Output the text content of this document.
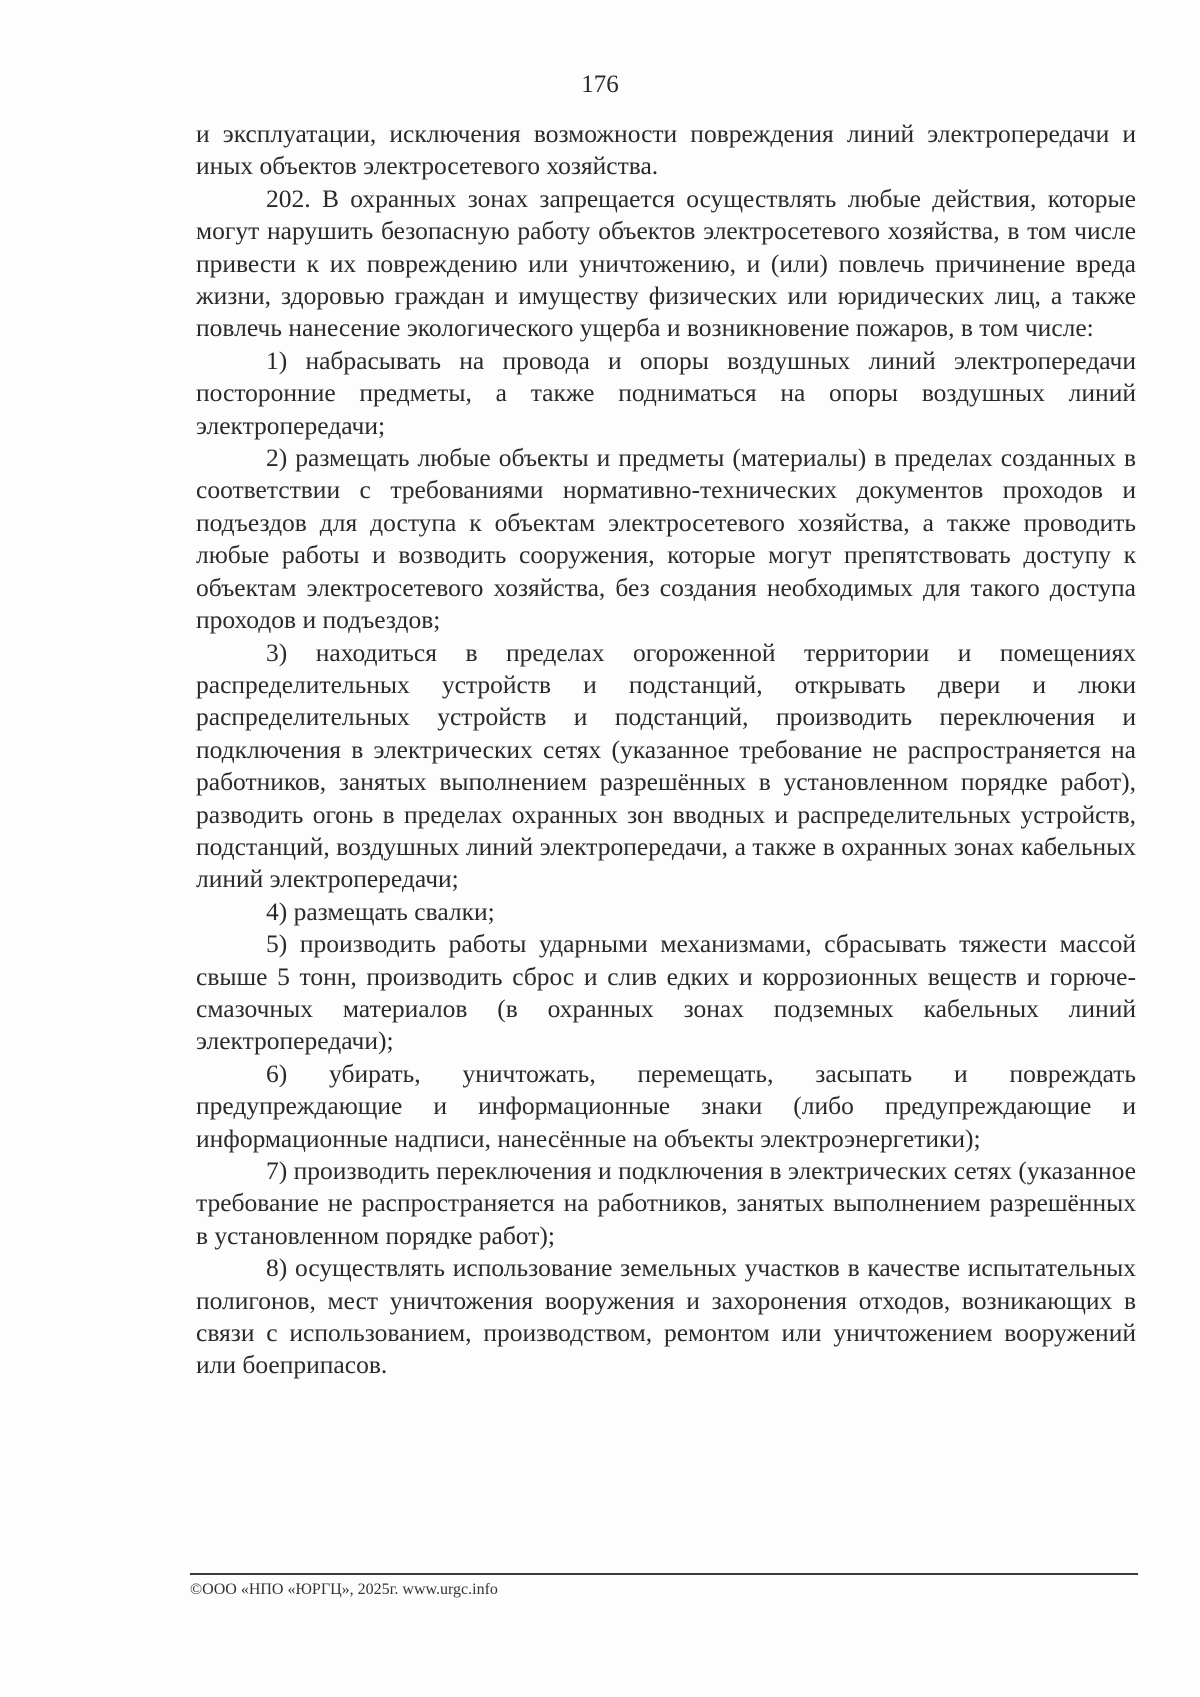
176

и эксплуатации, исключения возможности повреждения линий электропередачи и иных объектов электросетевого хозяйства.

202. В охранных зонах запрещается осуществлять любые действия, которые могут нарушить безопасную работу объектов электросетевого хозяйства, в том числе привести к их повреждению или уничтожению, и (или) повлечь причинение вреда жизни, здоровью граждан и имуществу физических или юридических лиц, а также повлечь нанесение экологического ущерба и возникновение пожаров, в том числе:

1) набрасывать на провода и опоры воздушных линий электропередачи посторонние предметы, а также подниматься на опоры воздушных линий электропередачи;

2) размещать любые объекты и предметы (материалы) в пределах созданных в соответствии с требованиями нормативно-технических документов проходов и подъездов для доступа к объектам электросетевого хозяйства, а также проводить любые работы и возводить сооружения, которые могут препятствовать доступу к объектам электросетевого хозяйства, без создания необходимых для такого доступа проходов и подъездов;

3) находиться в пределах огороженной территории и помещениях распределительных устройств и подстанций, открывать двери и люки распределительных устройств и подстанций, производить переключения и подключения в электрических сетях (указанное требование не распространяется на работников, занятых выполнением разрешённых в установленном порядке работ), разводить огонь в пределах охранных зон вводных и распределительных устройств, подстанций, воздушных линий электропередачи, а также в охранных зонах кабельных линий электропередачи;

4) размещать свалки;

5) производить работы ударными механизмами, сбрасывать тяжести массой свыше 5 тонн, производить сброс и слив едких и коррозионных веществ и горюче-смазочных материалов (в охранных зонах подземных кабельных линий электропередачи);

6) убирать, уничтожать, перемещать, засыпать и повреждать предупреждающие и информационные знаки (либо предупреждающие и информационные надписи, нанесённые на объекты электроэнергетики);

7) производить переключения и подключения в электрических сетях (указанное требование не распространяется на работников, занятых выполнением разрешённых в установленном порядке работ);

8) осуществлять использование земельных участков в качестве испытательных полигонов, мест уничтожения вооружения и захоронения отходов, возникающих в связи с использованием, производством, ремонтом или уничтожением вооружений или боеприпасов.

©ООО «НПО «ЮРГЦ», 2025г. www.urgc.info
